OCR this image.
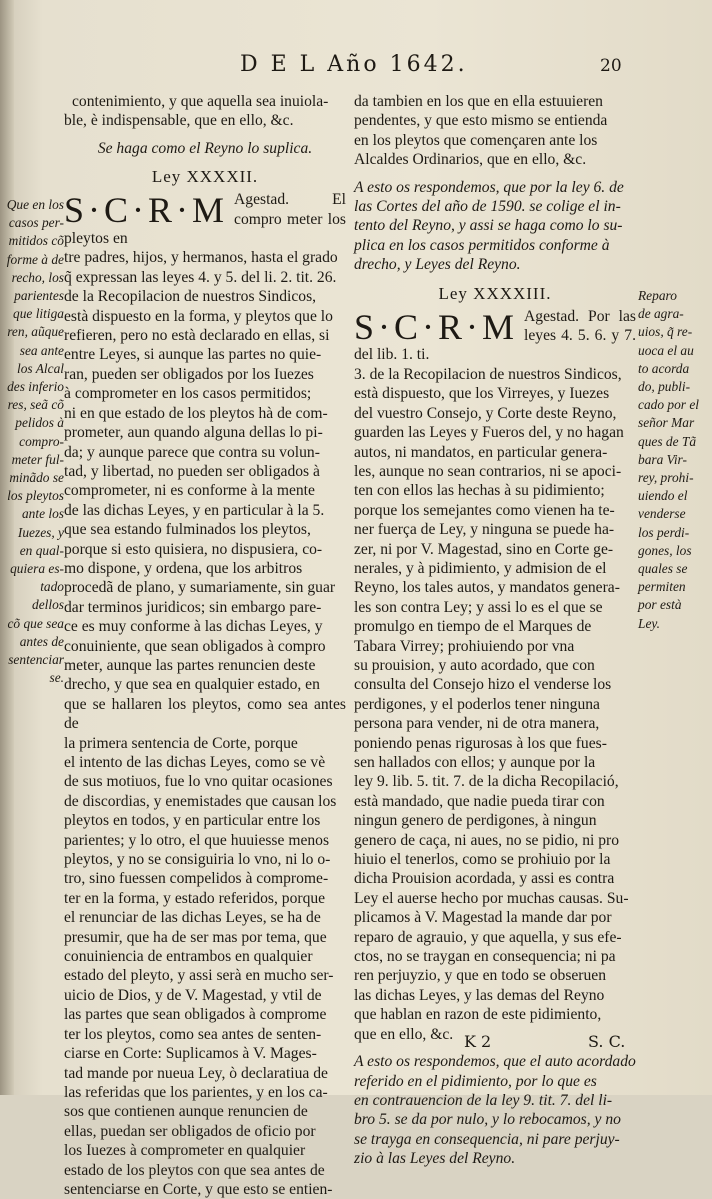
D E L Año 1642.	20
Que en los
casos per-
mitidos cõ
forme à de
recho, los
parientes
que litiga
ren, aũque
sea ante
los Alcal
des inferio
res, seã cõ
pelidos à
compro-
meter ful-
minãdo se
los pleytos
ante los
Iuezes, y
en qual-
quiera es-
tado dellos
cõ que sea
antes de
sentenciar
se.

contenimiento, y que aquella sea inuiola-

ble, è indispensable, que en ello, &c.

Se haga como el Reyno lo suplica.

Ley XXXXII.
S·C·R·M Agestad. El compro meter los pleytos en

tre padres, hijos, y hermanos, hasta el grado

q̃ expressan las leyes 4. y 5. del li. 2. tit. 26.

de la Recopilacion de nuestros Sindicos,

està dispuesto en la forma, y pleytos que lo

refieren, pero no està declarado en ellas, si

entre Leyes, si aunque las partes no quie-

ran, pueden ser obligados por los Iuezes

à comprometer en los casos permitidos;

ni en que estado de los pleytos hà de com-

prometer, aun quando alguna dellas lo pi-

da; y aunque parece que contra su volun-

tad, y libertad, no pueden ser obligados à

comprometer, ni es conforme à la mente

de las dichas Leyes, y en particular à la 5.

que sea estando fulminados los pleytos,

porque si esto quisiera, no dispusiera, co-

mo dispone, y ordena, que los arbitros

procedã de plano, y sumariamente, sin guar

dar terminos juridicos; sin embargo pare-

ce es muy conforme à las dichas Leyes, y

conuiniente, que sean obligados à compro

meter, aunque las partes renuncien deste

drecho, y que sea en qualquier estado, en

que se hallaren los pleytos, como sea antes de

la primera sentencia de Corte, porque

el intento de las dichas Leyes, como se vè

de sus motiuos, fue lo vno quitar ocasiones

de discordias, y enemistades que causan los

pleytos en todos, y en particular entre los

parientes; y lo otro, el que huuiesse menos

pleytos, y no se consiguiria lo vno, ni lo o-

tro, sino fuessen compelidos à comprome-

ter en la forma, y estado referidos, porque

el renunciar de las dichas Leyes, se ha de

presumir, que ha de ser mas por tema, que

conuiniencia de entrambos en qualquier

estado del pleyto, y assi serà en mucho ser-

uicio de Dios, y de V. Magestad, y vtil de

las partes que sean obligados à comprome

ter los pleytos, como sea antes de senten-

ciarse en Corte: Suplicamos à V. Mages-

tad mande por nueua Ley, ò declaratiua de

las referidas que los parientes, y en los ca-

sos que contienen aunque renuncien de

ellas, puedan ser obligados de oficio por

los Iuezes à comprometer en qualquier

estado de los pleytos con que sea antes de

sentenciarse en Corte, y que esto se entien-

da tambien en los que en ella estuuieren

pendentes, y que esto mismo se entienda

en los pleytos que començaren ante los

Alcaldes Ordinarios, que en ello, &c.

A esto os respondemos, que por la ley 6. de

las Cortes del año de 1590. se colige el in-

tento del Reyno, y assi se haga como lo su-

plica en los casos permitidos conforme à

drecho, y Leyes del Reyno.

Ley XXXXIII.
S·C·R·M Agestad. Por las leyes 4. 5. 6. y 7. del lib. 1. ti.

3. de la Recopilacion de nuestros Sindicos,

està dispuesto, que los Virreyes, y Iuezes

del vuestro Consejo, y Corte deste Reyno,

guarden las Leyes y Fueros del, y no hagan

autos, ni mandatos, en particular genera-

les, aunque no sean contrarios, ni se apoci-

ten con ellos las hechas à su pidimiento;

porque los semejantes como vienen ha te-

ner fuerça de Ley, y ninguna se puede ha-

zer, ni por V. Magestad, sino en Corte ge-

nerales, y à pidimiento, y admision de el

Reyno, los tales autos, y mandatos genera-

les son contra Ley; y assi lo es el que se

promulgo en tiempo de el Marques de

Tabara Virrey; prohiuiendo por vna

su prouision, y auto acordado, que con

consulta del Consejo hizo el venderse los

perdigones, y el poderlos tener ninguna

persona para vender, ni de otra manera,

poniendo penas rigurosas à los que fues-

sen hallados con ellos; y aunque por la

ley 9. lib. 5. tit. 7. de la dicha Recopilació,

està mandado, que nadie pueda tirar con

ningun genero de perdigones, à ningun

genero de caça, ni aues, no se pidio, ni pro

hiuio el tenerlos, como se prohiuio por la

dicha Prouision acordada, y assi es contra

Ley el auerse hecho por muchas causas. Su-

plicamos à V. Magestad la mande dar por

reparo de agrauio, y que aquella, y sus efe-

ctos, no se traygan en consequencia; ni pa

ren perjuyzio, y que en todo se obseruen

las dichas Leyes, y las demas del Reyno

que hablan en razon de este pidimiento,

que en ello, &c.

A esto os respondemos, que el auto acordado

referido en el pidimiento, por lo que es

en contrauencion de la ley 9. tit. 7. del li-

bro 5. se da por nulo, y lo rebocamos, y no

se trayga en consequencia, ni pare perjuy-

zio à las Leyes del Reyno.

Reparo
de agra-
uios, q̃ re-
uoca el au
to acorda
do, publi-
cado por el
señor Mar
ques de Tã
bara Vir-
rey, prohi-
uiendo el
venderse
los perdi-
gones, los
quales se
permiten
por està
Ley.
K 2	S. C.
